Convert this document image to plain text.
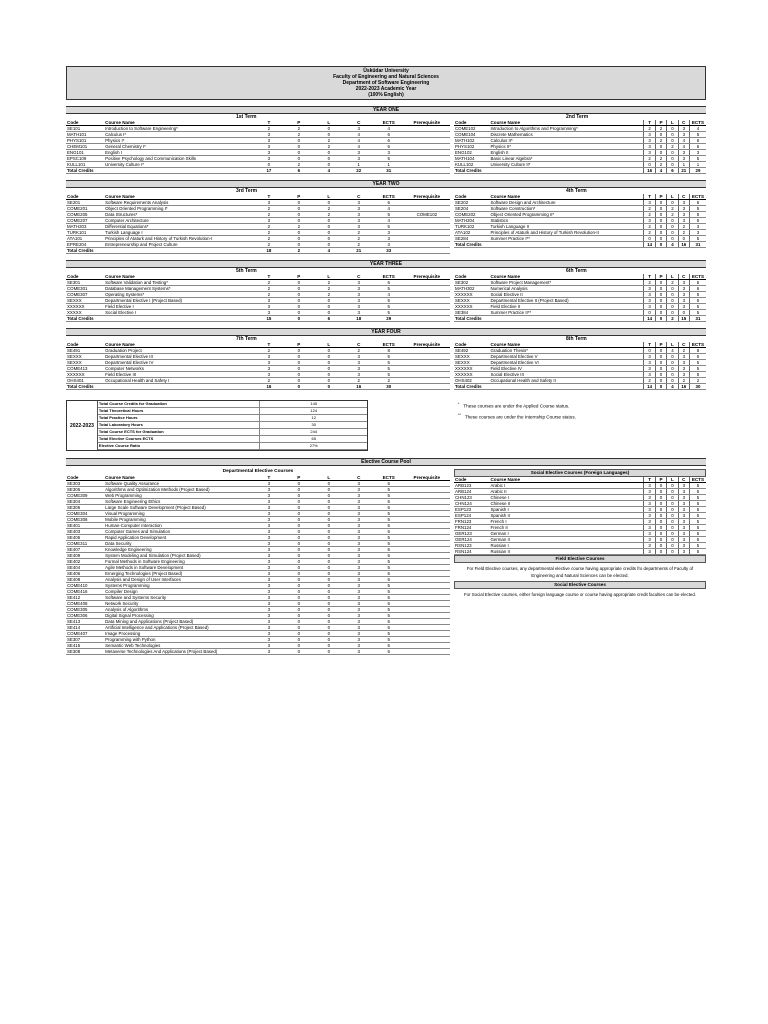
Üsküdar University
Faculty of Engineering and Natural Sciences
Department of Software Engineering
2022-2023 Academic Year
(100% English)
YEAR ONE
1st Term	2nd Term
Code	Course Name	T	P	L	C	ECTS	Prerequisite
SE101	Introduction to Software Engineering*	2	2	0	3	4	
MATH101	Calculus I*	3	2	0	4	6	
PHYS101	Physics I*	3	0	2	4	6	
CHEM101	General Chemistry I*	3	0	2	4	6	
ENG101	English I	3	0	0	3	3	
EPSC109	Positive Psychology and Communication Skills	3	0	0	3	5	
KULL101	University Culture I*	0	2	0	1	1	
Total Credits		17	6	4	22	31	
Code	Course Name	T	P	L	C	ECTS
COME102	Introduction to Algorithms and Programming*	2	2	0	3	4
COME104	Discrete Mathematics	3	0	0	3	5
MATH102	Calculus II*	3	2	0	4	6
PHYS102	Physics II*	3	0	2	4	6
ENG102	English II	3	0	0	3	3
MATH104	Basic Linear Algebra*	2	2	0	3	5
KULL102	University Culture II*	0	2	0	1	1
Total Credits		16	4	6	21	29
YEAR TWO
3rd Term	4th Term
Code	Course Name	T	P	L	C	ECTS	Prerequisite
SE201	Software Requirements Analysis	3	0	0	3	6	
COME201	Object Oriented Programming I*	2	0	2	3	4	
COME205	Data Structures*	2	0	2	3	5	COME102
COME207	Computer Architecture	3	0	0	3	4	
MATH203	Differential Equations*	2	2	0	3	5	
TURK101	Turkish Language I	2	0	0	2	3	
ATA101	Principles of Ataturk and History of Turkish Revolution-I	2	0	0	2	3	
EPRE204	Entrepreneurship and Project Culture	2	0	0	2	3	
Total Credits		18	2	4	21	33	
Code	Course Name	T	P	L	C	ECTS
SE202	Software Design and Architecture	3	0	0	3	6
SE204	Software Construction*	2	0	2	3	5
COME202	Object Oriented Programming II*	2	0	2	3	5
MATH204	Statistics	3	0	0	3	5
TURK102	Turkish Language II	2	0	0	2	3
ATA102	Principles of Ataturk and History of Turkish Revolution-II	2	0	0	2	3
SE284	Summer Practice I**	0	0	0	0	5
Total Credits		14	0	4	16	31
YEAR THREE
5th Term	6th Term
Code	Course Name	T	P	L	C	ECTS	Prerequisite
SE301	Software Validation and Testing*	2	0	2	3	6	
COME301	Database Management Systems*	2	0	2	3	5	
COME307	Operating Systems*	2	0	2	3	4	
SEXXX	Departmental Elective I (Project Based)	3	0	0	3	5	
XXXXXX	Field Elective I	3	0	0	3	5	
XXXXX	Social Elective I	3	0	0	3	5	
Total Credits		15	0	6	18	29	
Code	Course Name	T	P	L	C	ECTS
SE302	Software Project Management*	2	0	2	3	5
MATH302	Numerical Analysis	3	0	0	3	6
XXXXXX	Social Elective II	3	0	0	3	5
SEXXX	Departmental Elective II (Project Based)	3	0	0	3	5
XXXXXX	Field Elective II	3	0	0	3	5
SE384	Summer Practice II**	0	0	0	0	5
Total Credits		14	0	2	15	31
YEAR FOUR
7th Term	8th Term
Code	Course Name	T	P	L	C	ECTS	Prerequisite
SE491	Graduation Project	2	0	0	2	8	
SEXXX	Departmental Elective III	3	0	0	3	5	
SEXXX	Departmental Elective IV	3	0	0	3	5	
COME413	Computer Networks	3	0	0	3	5	
XXXXXX	Field Elective III	3	0	0	3	5	
OHS401	Occupational Health and Safety I	2	0	0	2	2	
Total Credits		16	0	0	16	30	
Code	Course Name	T	P	L	C	ECTS
SE492	Graduation Thesis*	0	0	4	2	8
SEXXX	Departmental Elective V	3	0	0	3	5
SEXXX	Departmental Elective VI	3	0	0	3	5
XXXXXX	Field Elective IV	3	0	0	3	5
XXXXXX	Social Elective III	3	0	0	3	5
OHS402	Occupational Health and Safety II	2	0	0	2	2
Total Credits		14	0	4	16	30
2022-2023
Total Course Credits for Graduation	145
Total Theoretical Hours	124
Total Practice Hours	12
Total Laboratory Hours	30
Total Course ECTS for Graduation	244
Total Elective Courses ECTS	65
Elective Course Ratio	27%
* These courses are under the Applied Course status.
** These courses are under the Internship Course status.
Elective Course Pool
Departmental Elective Courses
Code	Course Name	T	P	L	C	ECTS	Prerequisite
SE303	Software Quality Assurance	3	0	0	3	5	
SE305	Algorithms and Optimization Methods (Project Based)	3	0	0	3	5	
COME309	Web Programming	3	0	0	3	5	
SE304	Software Engineering Ethics	3	0	0	3	5	
SE306	Large Scale Software Development (Project Based)	3	0	0	3	5	
COME304	Visual Programming	3	0	0	3	5	
COME308	Mobile Programming	3	0	0	3	5	
SE401	Human-Computer Interaction	3	0	0	3	5	
SE403	Computer Games and Simulation	3	0	0	3	5	
SE405	Rapid Application Development	3	0	0	3	5	
COME311	Data Security	3	0	0	3	5	
SE407	Knowledge Engineering	3	0	0	3	5	
SE409	System Modeling and Simulation (Project Based)	3	0	0	3	5	
SE402	Formal Methods in Software Engineering	3	0	0	3	5	
SE404	Agile Methods in Software Development	3	0	0	3	5	
SE406	Emerging Technologies (Project Based)	3	0	0	3	5	
SE408	Analysis and Design of User Interfaces	3	0	0	3	5	
COME410	Systems Programming	3	0	0	3	5	
COME416	Compiler Design	3	0	0	3	5	
SE412	Software and Systems Security	3	0	0	3	5	
COME408	Network Security	3	0	0	3	5	
COME305	Analysis of Algorithms	3	0	0	3	5	
COME306	Digital Signal Processing	3	0	0	3	5	
SE413	Data Mining and Applications (Project Based)	3	0	0	3	5	
SE414	Artificial Intelligence and Applications (Project Based)	3	0	0	3	5	
COME407	Image Processing	3	0	0	3	5	
SE307	Programming with Python	3	0	0	3	5	
SE415	Semantic Web Technologies	3	0	0	3	5	
SE308	Metaverse Technologies And Applications (Project Based)	3	0	0	3	5	
Social Elective Courses (Foreign Languages)
Code	Course Name	T	P	L	C	ECTS
ARB123	Arabic I	3	0	0	3	5
ARB124	Arabic II	3	0	0	3	5
CHN123	Chinese I	3	0	0	3	5
CHN124	Chinese II	3	0	0	3	5
ESP123	Spanish I	3	0	0	3	5
ESP124	Spanish II	3	0	0	3	5
FRN123	French I	3	0	0	3	5
FRN124	French II	3	0	0	3	5
GER123	German I	3	0	0	3	5
GER124	German II	3	0	0	3	5
RSN123	Russian I	3	0	0	3	5
RSN124	Russian II	3	0	0	3	5
Field Elective Courses
For Field Elective courses, any departmental elective course having appropriate credits fro departments of Faculty of Engineering and Natural Sciences can be elected.
Social Elective Courses
For Social Elective courses, either foreign language course or course having appropriate credit faculties can be elected.
